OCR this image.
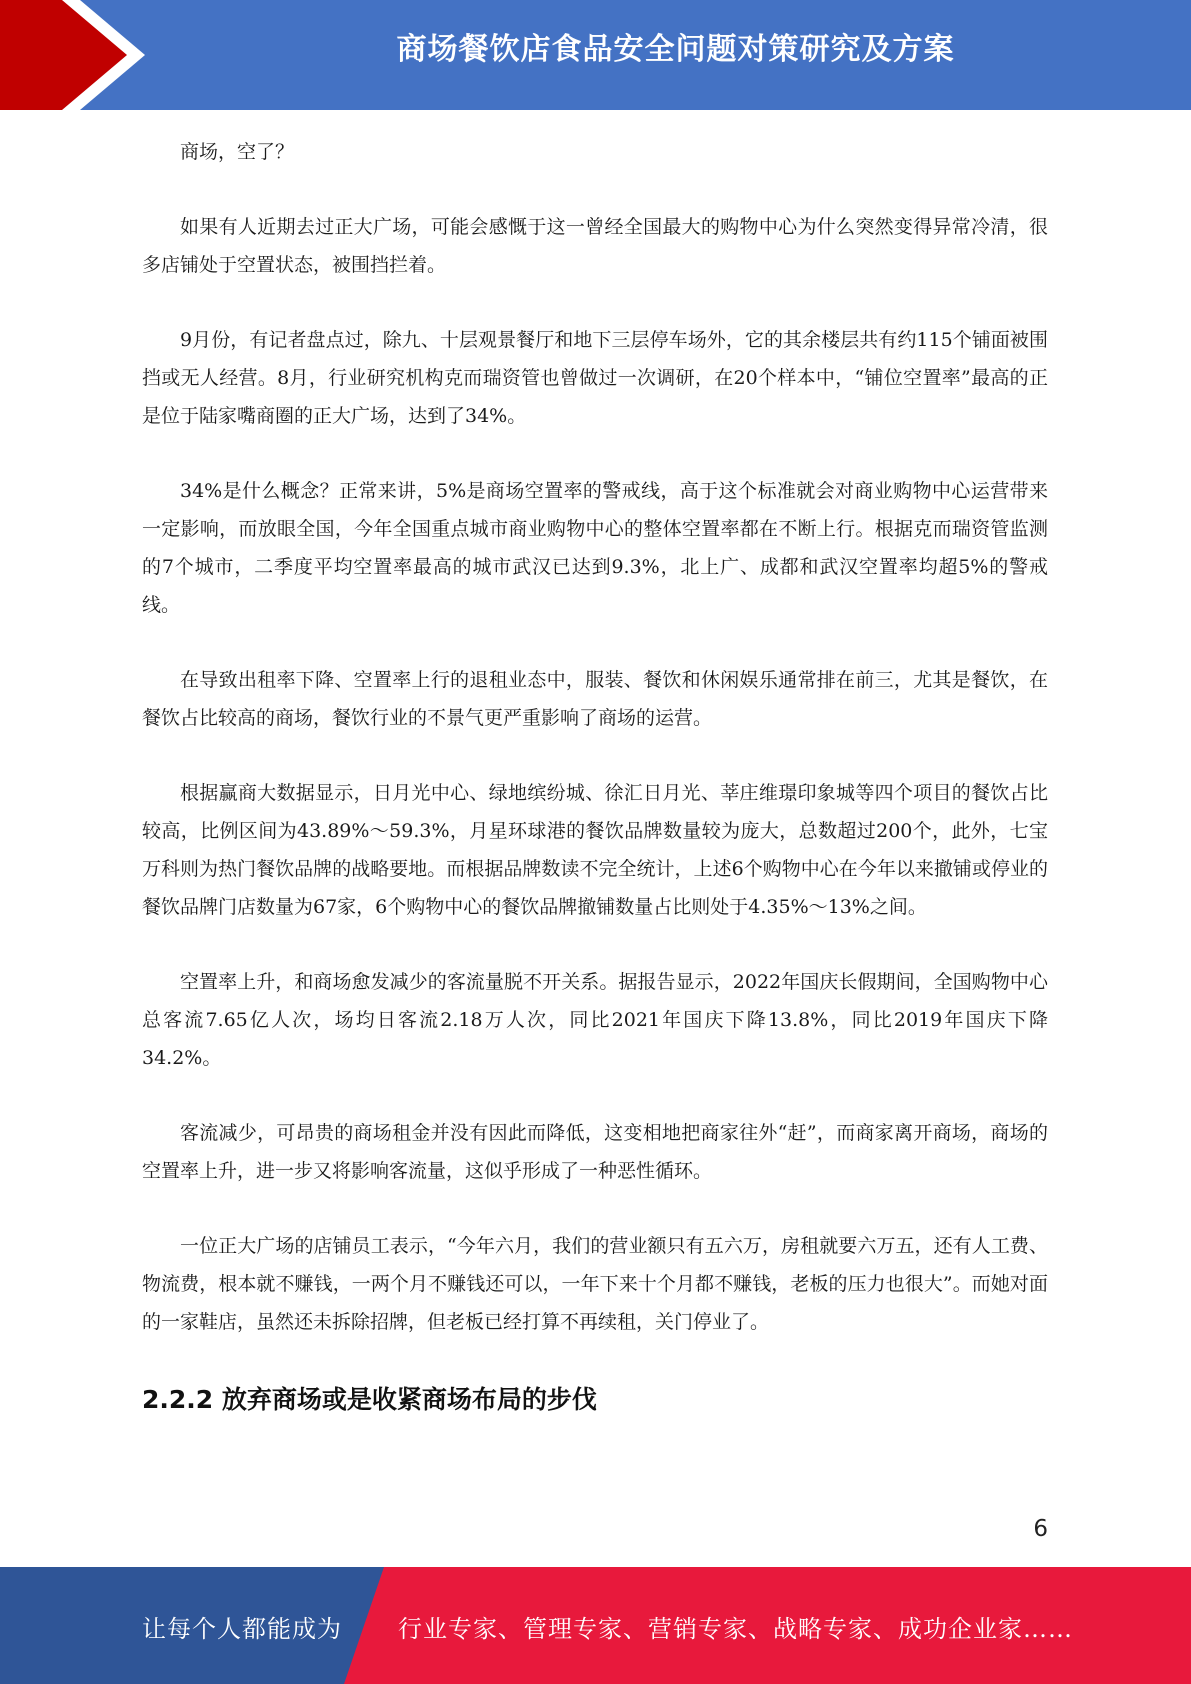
商场餐饮店食品安全问题对策研究及方案

商场，空了？

如果有人近期去过正大广场，可能会感慨于这一曾经全国最大的购物中心为什么突然变得异常冷清，很多店铺处于空置状态，被围挡拦着。

9月份，有记者盘点过，除九、十层观景餐厅和地下三层停车场外，它的其余楼层共有约115个铺面被围挡或无人经营。8月，行业研究机构克而瑞资管也曾做过一次调研，在20个样本中，“铺位空置率”最高的正是位于陆家嘴商圈的正大广场，达到了34%。

34%是什么概念？正常来讲，5%是商场空置率的警戒线，高于这个标准就会对商业购物中心运营带来一定影响，而放眼全国，今年全国重点城市商业购物中心的整体空置率都在不断上行。根据克而瑞资管监测的7个城市，二季度平均空置率最高的城市武汉已达到9.3%，北上广、成都和武汉空置率均超5%的警戒线。

在导致出租率下降、空置率上行的退租业态中，服装、餐饮和休闲娱乐通常排在前三，尤其是餐饮，在餐饮占比较高的商场，餐饮行业的不景气更严重影响了商场的运营。

根据赢商大数据显示，日月光中心、绿地缤纷城、徐汇日月光、莘庄维璟印象城等四个项目的餐饮占比较高，比例区间为43.89%～59.3%，月星环球港的餐饮品牌数量较为庞大，总数超过200个，此外，七宝万科则为热门餐饮品牌的战略要地。而根据品牌数读不完全统计，上述6个购物中心在今年以来撤铺或停业的餐饮品牌门店数量为67家，6个购物中心的餐饮品牌撤铺数量占比则处于4.35%～13%之间。

空置率上升，和商场愈发减少的客流量脱不开关系。据报告显示，2022年国庆长假期间，全国购物中心总客流7.65亿人次，场均日客流2.18万人次，同比2021年国庆下降13.8%，同比2019年国庆下降34.2%。

客流减少，可昂贵的商场租金并没有因此而降低，这变相地把商家往外“赶”，而商家离开商场，商场的空置率上升，进一步又将影响客流量，这似乎形成了一种恶性循环。

一位正大广场的店铺员工表示，“今年六月，我们的营业额只有五六万，房租就要六万五，还有人工费、物流费，根本就不赚钱，一两个月不赚钱还可以，一年下来十个月都不赚钱，老板的压力也很大”。而她对面的一家鞋店，虽然还未拆除招牌，但老板已经打算不再续租，关门停业了。

2.2.2 放弃商场或是收紧商场布局的步伐
6
让每个人都能成为 行业专家、管理专家、营销专家、战略专家、成功企业家……
